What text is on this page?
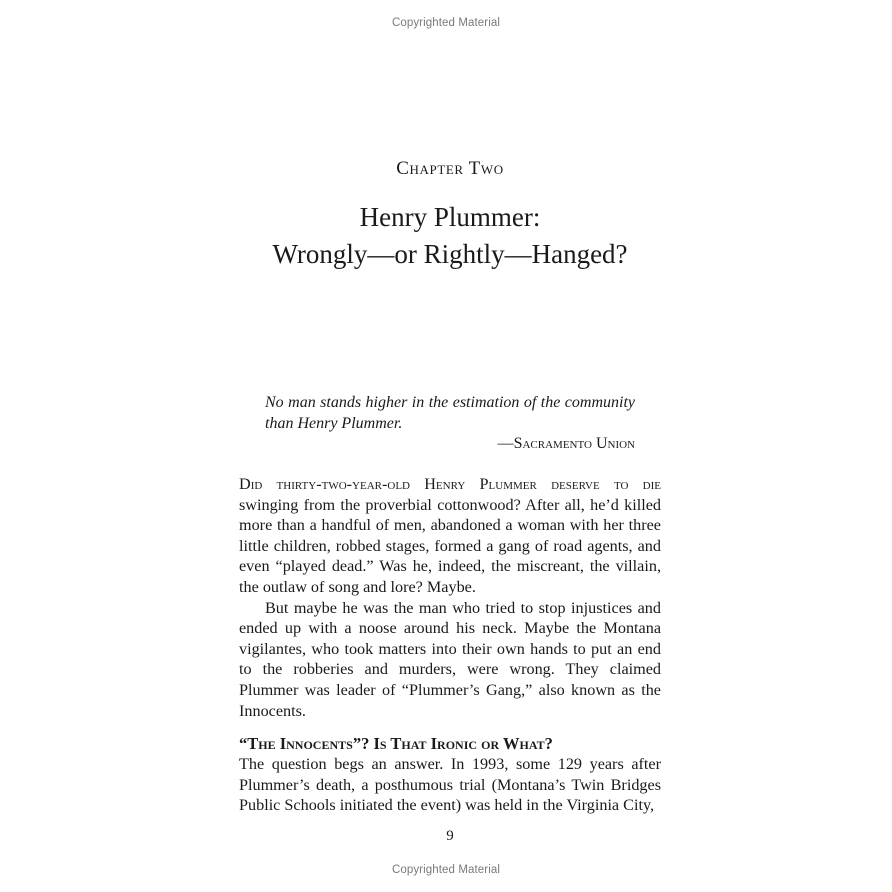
Copyrighted Material
Chapter Two
Henry Plummer:
Wrongly—or Rightly—Hanged?
No man stands higher in the estimation of the community than Henry Plummer.
—Sacramento Union

Did thirty-two-year-old Henry Plummer deserve to die swinging from the proverbial cottonwood? After all, he’d killed more than a handful of men, abandoned a woman with her three little children, robbed stages, formed a gang of road agents, and even “played dead.” Was he, indeed, the miscreant, the villain, the outlaw of song and lore? Maybe.

But maybe he was the man who tried to stop injustices and ended up with a noose around his neck. Maybe the Montana vigilantes, who took matters into their own hands to put an end to the robberies and murders, were wrong. They claimed Plummer was leader of “Plummer’s Gang,” also known as the Innocents.

“The Innocents”? Is That Ironic or What?

The question begs an answer. In 1993, some 129 years after Plummer’s death, a posthumous trial (Montana’s Twin Bridges Public Schools initiated the event) was held in the Virginia City,

9
Copyrighted Material
